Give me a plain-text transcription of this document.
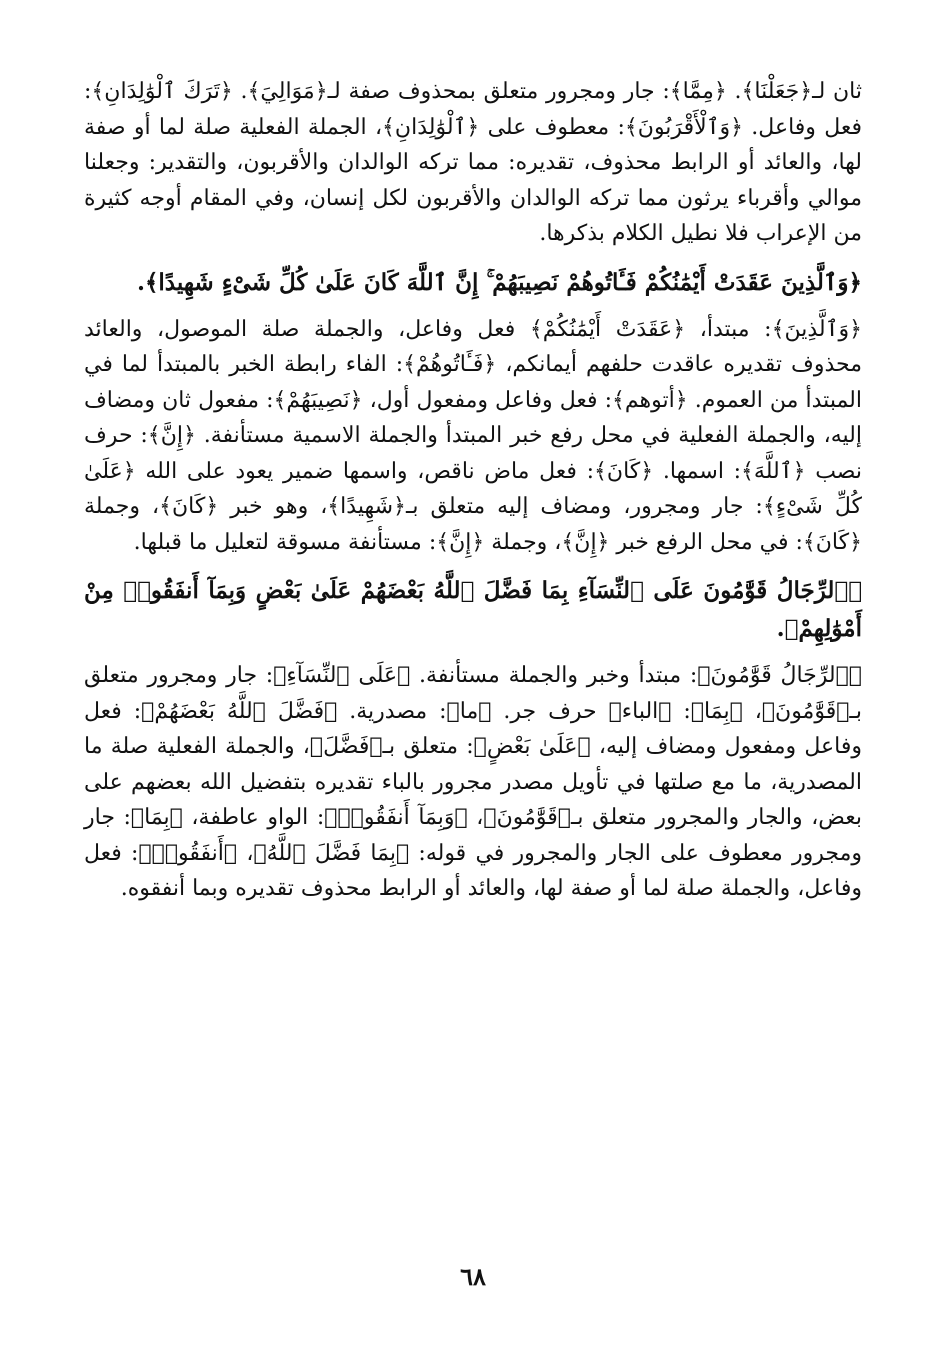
ثان لـ﴿جَعَلْنَا﴾. ﴿مِمَّا﴾: جار ومجرور متعلق بمحذوف صفة لـ﴿مَوَالِيَ﴾. ﴿تَرَكَ ٱلْوَٰلِدَانِ﴾: فعل وفاعل. ﴿وَٱلْأَقْرَبُونَ﴾: معطوف على ﴿ٱلْوَٰلِدَانِ﴾، الجملة الفعلية صلة لما أو صفة لها، والعائد أو الرابط محذوف، تقديره: مما تركه الوالدان والأقربون، والتقدير: وجعلنا موالي وأقرباء يرثون مما تركه الوالدان والأقربون لكل إنسان، وفي المقام أوجه كثيرة من الإعراب فلا نطيل الكلام بذكرها.

﴿وَٱلَّذِينَ عَقَدَتْ أَيْمَٰنُكُمْ فَـَٔاتُوهُمْ نَصِيبَهُمْ ۚ إِنَّ ٱللَّهَ كَانَ عَلَىٰ كُلِّ شَىْءٍ شَهِيدًا﴾.

﴿وَٱلَّذِينَ﴾: مبتدأ، ﴿عَقَدَتْ أَيْمَٰنُكُمْ﴾ فعل وفاعل، والجملة صلة الموصول، والعائد محذوف تقديره عاقدت حلفهم أيمانكم، ﴿فَـَٔاتُوهُمْ﴾: الفاء رابطة الخبر بالمبتدأ لما في المبتدأ من العموم. ﴿أتوهم﴾: فعل وفاعل ومفعول أول، ﴿نَصِيبَهُمْ﴾: مفعول ثان ومضاف إليه، والجملة الفعلية في محل رفع خبر المبتدأ والجملة الاسمية مستأنفة. ﴿إِنَّ﴾: حرف نصب ﴿ٱللَّهَ﴾: اسمها. ﴿كَانَ﴾: فعل ماض ناقص، واسمها ضمير يعود على الله ﴿عَلَىٰ كُلِّ شَىْءٍ﴾: جار ومجرور، ومضاف إليه متعلق بـ﴿شَهِيدًا﴾، وهو خبر ﴿كَانَ﴾، وجملة ﴿كَانَ﴾: في محل الرفع خبر ﴿إِنَّ﴾، وجملة ﴿إِنَّ﴾: مستأنفة مسوقة لتعليل ما قبلها.

﴿ٱلرِّجَالُ قَوَّٰمُونَ عَلَى ٱلنِّسَآءِ بِمَا فَضَّلَ ٱللَّهُ بَعْضَهُمْ عَلَىٰ بَعْضٍ وَبِمَآ أَنفَقُوا۟ مِنْ أَمْوَٰلِهِمْ﴾.

﴿ٱلرِّجَالُ قَوَّٰمُونَ﴾: مبتدأ وخبر والجملة مستأنفة. ﴿عَلَى ٱلنِّسَآءِ﴾: جار ومجرور متعلق بـ﴿قَوَّٰمُونَ﴾، ﴿بِمَا﴾: ﴿الباء﴾ حرف جر. ﴿ما﴾: مصدرية. ﴿فَضَّلَ ٱللَّهُ بَعْضَهُمْ﴾: فعل وفاعل ومفعول ومضاف إليه، ﴿عَلَىٰ بَعْضٍ﴾: متعلق بـ﴿فَضَّلَ﴾، والجملة الفعلية صلة ما المصدرية، ما مع صلتها في تأويل مصدر مجرور بالباء تقديره بتفضيل الله بعضهم على بعض، والجار والمجرور متعلق بـ﴿قَوَّٰمُونَ﴾، ﴿وَبِمَآ أَنفَقُوا۟﴾: الواو عاطفة، ﴿بِمَا﴾: جار ومجرور معطوف على الجار والمجرور في قوله: ﴿بِمَا فَضَّلَ ٱللَّهُ﴾، ﴿أَنفَقُوا۟﴾: فعل وفاعل، والجملة صلة لما أو صفة لها، والعائد أو الرابط محذوف تقديره وبما أنفقوه.

٦٨
